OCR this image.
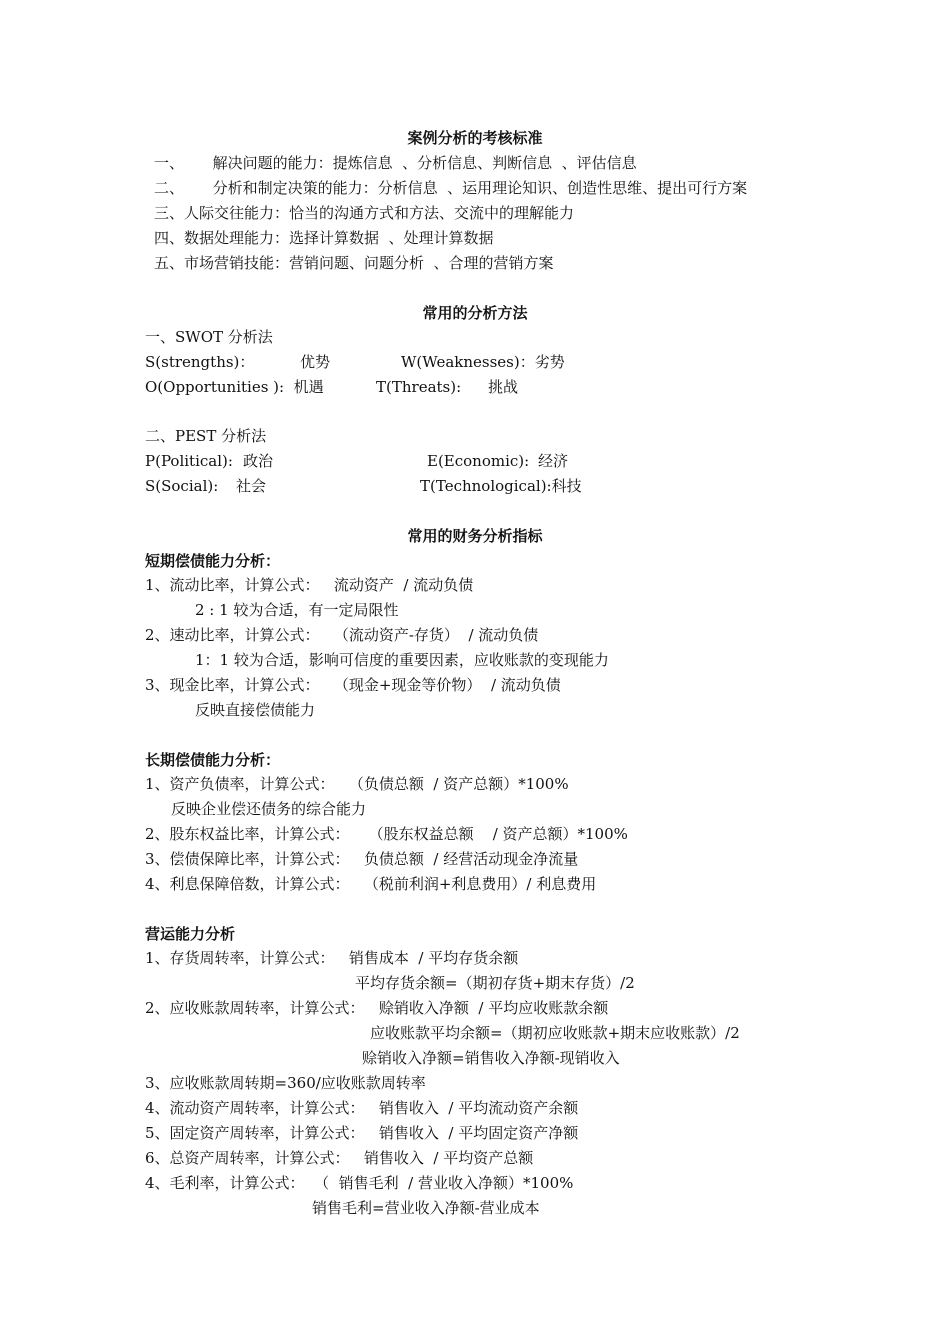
案例分析的考核标准
一、      解决问题的能力：提炼信息  、分析信息、判断信息  、评估信息
二、      分析和制定决策的能力：分析信息  、运用理论知识、创造性思维、提出可行方案
三、人际交往能力：恰当的沟通方式和方法、交流中的理解能力
四、数据处理能力：选择计算数据  、处理计算数据
五、市场营销技能：营销问题、问题分析  、合理的营销方案
常用的分析方法
一、SWOT 分析法
S(strengths)：	优势	W(Weaknesses)：劣势
O(Opportunities ):  机遇	T(Threats): 挑战
二、PEST 分析法
P(Political): 政治	E(Economic): 经济
S(Social): 社会	T(Technological):科技
常用的财务分析指标
短期偿债能力分析：
1、流动比率，计算公式：   流动资产  / 流动负债
2 : 1 较为合适，有一定局限性
2、速动比率，计算公式：   （流动资产-存货）  / 流动负债
1：1 较为合适，影响可信度的重要因素，应收账款的变现能力
3、现金比率，计算公式：   （现金+现金等价物）  / 流动负债
反映直接偿债能力
长期偿债能力分析：
1、资产负债率，计算公式：   （负债总额  / 资产总额）*100%
反映企业偿还债务的综合能力
2、股东权益比率，计算公式：    （股东权益总额    / 资产总额）*100%
3、偿债保障比率，计算公式：   负债总额  / 经营活动现金净流量
4、利息保障倍数，计算公式：   （税前利润+利息费用）/ 利息费用
营运能力分析
1、存货周转率，计算公式：   销售成本  / 平均存货余额
平均存货余额=（期初存货+期末存货）/2
2、应收账款周转率，计算公式：   赊销收入净额  / 平均应收账款余额
应收账款平均余额=（期初应收账款+期末应收账款）/2
赊销收入净额=销售收入净额-现销收入
3、应收账款周转期=360/应收账款周转率
4、流动资产周转率，计算公式：   销售收入  / 平均流动资产余额
5、固定资产周转率，计算公式：   销售收入  / 平均固定资产净额
6、总资产周转率，计算公式：   销售收入  / 平均资产总额
4、毛利率，计算公式：  （  销售毛利  / 营业收入净额）*100%
销售毛利=营业收入净额-营业成本
